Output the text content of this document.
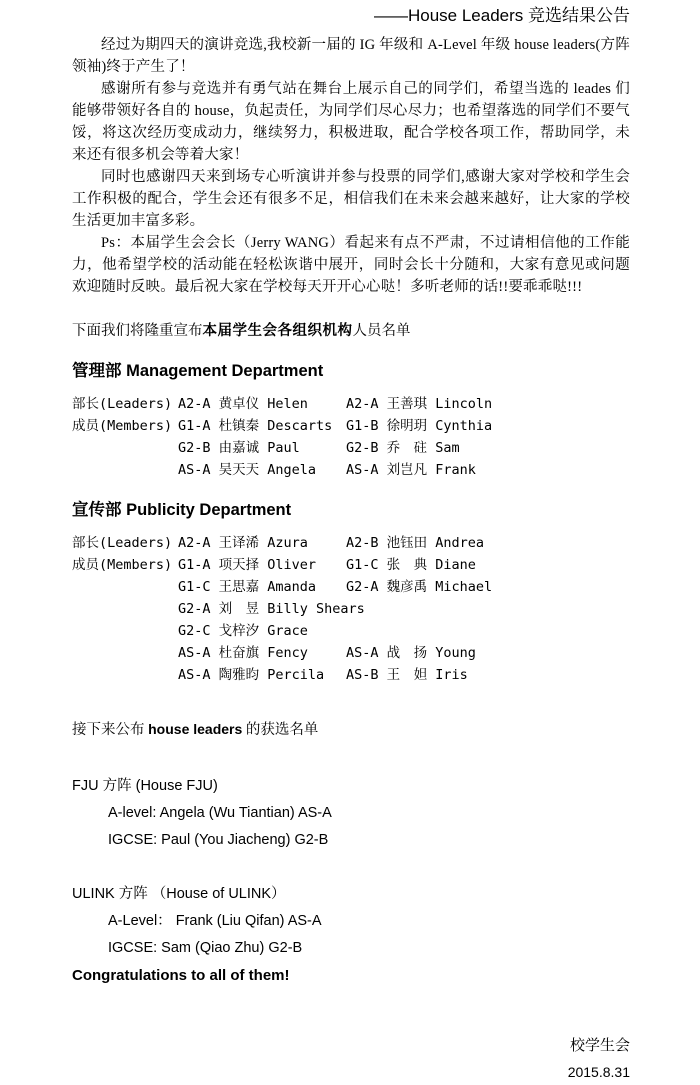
——House Leaders 竞选结果公告

经过为期四天的演讲竞选,我校新一届的 IG 年级和 A-Level 年级 house leaders(方阵领袖)终于产生了！

感谢所有参与竞选并有勇气站在舞台上展示自己的同学们，希望当选的 leades 们能够带领好各自的 house，负起责任，为同学们尽心尽力；也希望落选的同学们不要气馁，将这次经历变成动力，继续努力，积极进取，配合学校各项工作，帮助同学，未来还有很多机会等着大家！

同时也感谢四天来到场专心听演讲并参与投票的同学们,感谢大家对学校和学生会工作积极的配合，学生会还有很多不足，相信我们在未来会越来越好，让大家的学校生活更加丰富多彩。

Ps：本届学生会会长（Jerry WANG）看起来有点不严肃，不过请相信他的工作能力，他希望学校的活动能在轻松诙谐中展开，同时会长十分随和，大家有意见或问题欢迎随时反映。最后祝大家在学校每天开开心心哒！多听老师的话!!要乖乖哒!!!

下面我们将隆重宣布本届学生会各组织机构人员名单
管理部 Management Department
部长(Leaders) A2-A 黄卓仪 Helen	A2-A 王善琪 Lincoln
成员(Members) G1-A 杜镇秦 Descarts	G1-B 徐明玥 Cynthia
G2-B 由嘉诚 Paul	G2-B 乔　砫 Sam
AS-A 吴天天 Angela	AS-A 刘岂凡 Frank
宣传部 Publicity Department
部长(Leaders) A2-A 王译浠 Azura	A2-B 池钰田 Andrea
成员(Members) G1-A 项天择 Oliver	G1-C 张　典 Diane
G1-C 王思嘉 Amanda	G2-A 魏彦禹 Michael
G2-A 刘　昱 Billy Shears
G2-C 戈梓汐 Grace
AS-A 杜奋旗 Fency	AS-A 战　扬 Young
AS-A 陶雅昀 Percila	AS-B 王　妲 Iris
接下来公布 house leaders 的获选名单
FJU 方阵 (House FJU)
A-level: Angela (Wu Tiantian) AS-A
IGCSE: Paul (You Jiacheng) G2-B
ULINK 方阵 （House of ULINK）
A-Level： Frank (Liu Qifan) AS-A
IGCSE: Sam (Qiao Zhu) G2-B
Congratulations to all of them!
校学生会
2015.8.31
